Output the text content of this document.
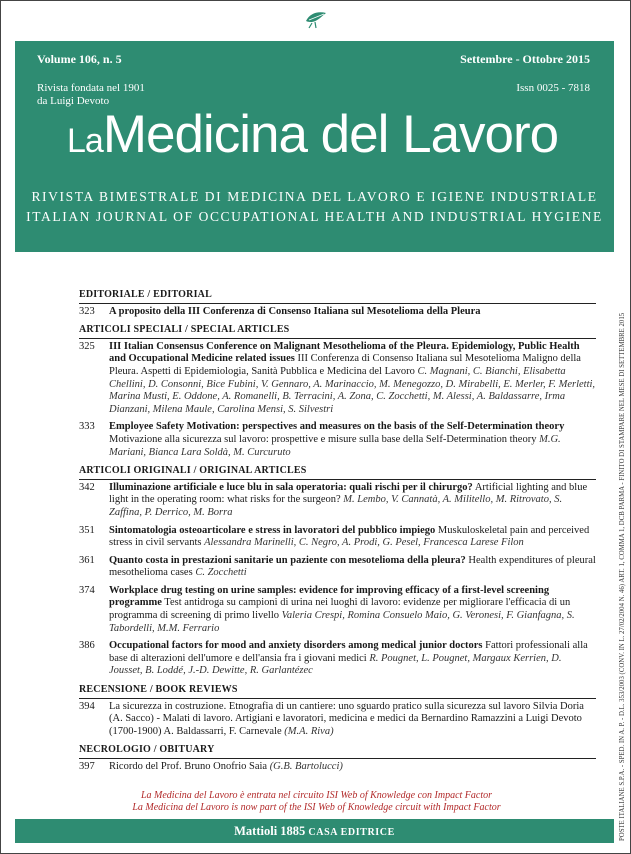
Volume 106, n. 5	Settembre - Ottobre 2015
Rivista fondata nel 1901
da Luigi Devoto
Issn 0025 - 7818
LaMedicina del Lavoro
RIVISTA BIMESTRALE DI MEDICINA DEL LAVORO E IGIENE INDUSTRIALE
ITALIAN JOURNAL OF OCCUPATIONAL HEALTH AND INDUSTRIAL HYGIENE
EDITORIALE / EDITORIAL
323	A proposito della III Conferenza di Consenso Italiana sul Mesotelioma della Pleura
ARTICOLI SPECIALI / SPECIAL ARTICLES
325	III Italian Consensus Conference on Malignant Mesothelioma of the Pleura. Epidemiology, Public Health and Occupational Medicine related issues III Conferenza di Consenso Italiana sul Mesotelioma Maligno della Pleura. Aspetti di Epidemiologia, Sanità Pubblica e Medicina del Lavoro C. Magnani, C. Bianchi, Elisabetta Chellini, D. Consonni, Bice Fubini, V. Gennaro, A. Marinaccio, M. Menegozzo, D. Mirabelli, E. Merler, F. Merletti, Marina Musti, E. Oddone, A. Romanelli, B. Terracini, A. Zona, C. Zocchetti, M. Alessi, A. Baldassarre, Irma Dianzani, Milena Maule, Carolina Mensi, S. Silvestri
333	Employee Safety Motivation: perspectives and measures on the basis of the Self-Determination theory Motivazione alla sicurezza sul lavoro: prospettive e misure sulla base della Self-Determination theory M.G. Mariani, Bianca Lara Soldà, M. Curcuruto
ARTICOLI ORIGINALI / ORIGINAL ARTICLES
342	Illuminazione artificiale e luce blu in sala operatoria: quali rischi per il chirurgo? Artificial lighting and blue light in the operating room: what risks for the surgeon? M. Lembo, V. Cannatà, A. Militello, M. Ritrovato, S. Zaffina, P. Derrico, M. Borra
351	Sintomatologia osteoarticolare e stress in lavoratori del pubblico impiego Muskuloskeletal pain and perceived stress in civil servants Alessandra Marinelli, C. Negro, A. Prodi, G. Pesel, Francesca Larese Filon
361	Quanto costa in prestazioni sanitarie un paziente con mesotelioma della pleura? Health expenditures of pleural mesothelioma cases C. Zocchetti
374	Workplace drug testing on urine samples: evidence for improving efficacy of a first-level screening programme Test antidroga su campioni di urina nei luoghi di lavoro: evidenze per migliorare l'efficacia di un programma di screening di primo livello Valeria Crespi, Romina Consuelo Maio, G. Veronesi, F. Gianfagna, S. Tabordelli, M.M. Ferrario
386	Occupational factors for mood and anxiety disorders among medical junior doctors Fattori professionali alla base di alterazioni dell'umore e dell'ansia fra i giovani medici R. Pougnet, L. Pougnet, Margaux Kerrien, D. Jousset, B. Loddé, J.-D. Dewitte, R. Garlantézec
RECENSIONE / BOOK REVIEWS
394	La sicurezza in costruzione. Etnografia di un cantiere: uno sguardo pratico sulla sicurezza sul lavoro Silvia Doria (A. Sacco) - Malati di lavoro. Artigiani e lavoratori, medicina e medici da Bernardino Ramazzini a Luigi Devoto (1700-1900) A. Baldassarri, F. Carnevale (M.A. Riva)
NECROLOGIO / OBITUARY
397	Ricordo del Prof. Bruno Onofrio Saia (G.B. Bartolucci)
La Medicina del Lavoro è entrata nel circuito ISI Web of Knowledge con Impact Factor
La Medicina del Lavoro is now part of the ISI Web of Knowledge circuit with Impact Factor
Mattioli 1885 CASA EDITRICE	POSTE ITALIANE S.P.A. - SPED. IN A. P. - D.L. 353/2003 (CONV. IN L. 27/02/2004 N. 46) ART. 1, COMMA 1, DCB PARMA - FINITO DI STAMPARE NEL MESE DI SETTEMBRE 2015
